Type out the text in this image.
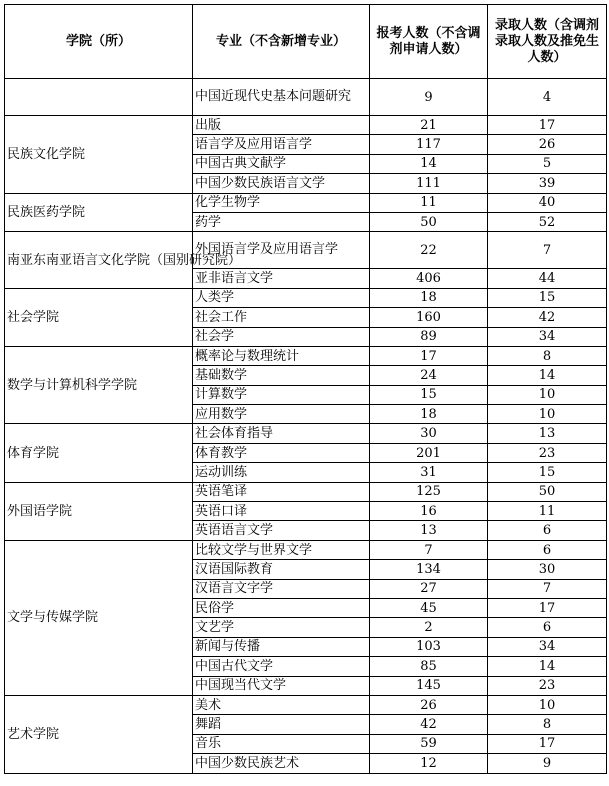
学院（所）	专业（不含新增专业）	报考人数（不含调剂申请人数）	录取人数（含调剂录取人数及推免生人数）
	中国近现代史基本问题研究	9	4
民族文化学院	出版	21	17
	语言学及应用语言学	117	26
	中国古典文献学	14	5
	中国少数民族语言文学	111	39
民族医药学院	化学生物学	11	40
	药学	50	52
南亚东南亚语言文化学院（国别研究院）	外国语言学及应用语言学	22	7
	亚非语言文学	406	44
社会学院	人类学	18	15
	社会工作	160	42
	社会学	89	34
数学与计算机科学学院	概率论与数理统计	17	8
	基础数学	24	14
	计算数学	15	10
	应用数学	18	10
体育学院	社会体育指导	30	13
	体育教学	201	23
	运动训练	31	15
外国语学院	英语笔译	125	50
	英语口译	16	11
	英语语言文学	13	6
文学与传媒学院	比较文学与世界文学	7	6
	汉语国际教育	134	30
	汉语言文字学	27	7
	民俗学	45	17
	文艺学	2	6
	新闻与传播	103	34
	中国古代文学	85	14
	中国现当代文学	145	23
艺术学院	美术	26	10
	舞蹈	42	8
	音乐	59	17
	中国少数民族艺术	12	9
